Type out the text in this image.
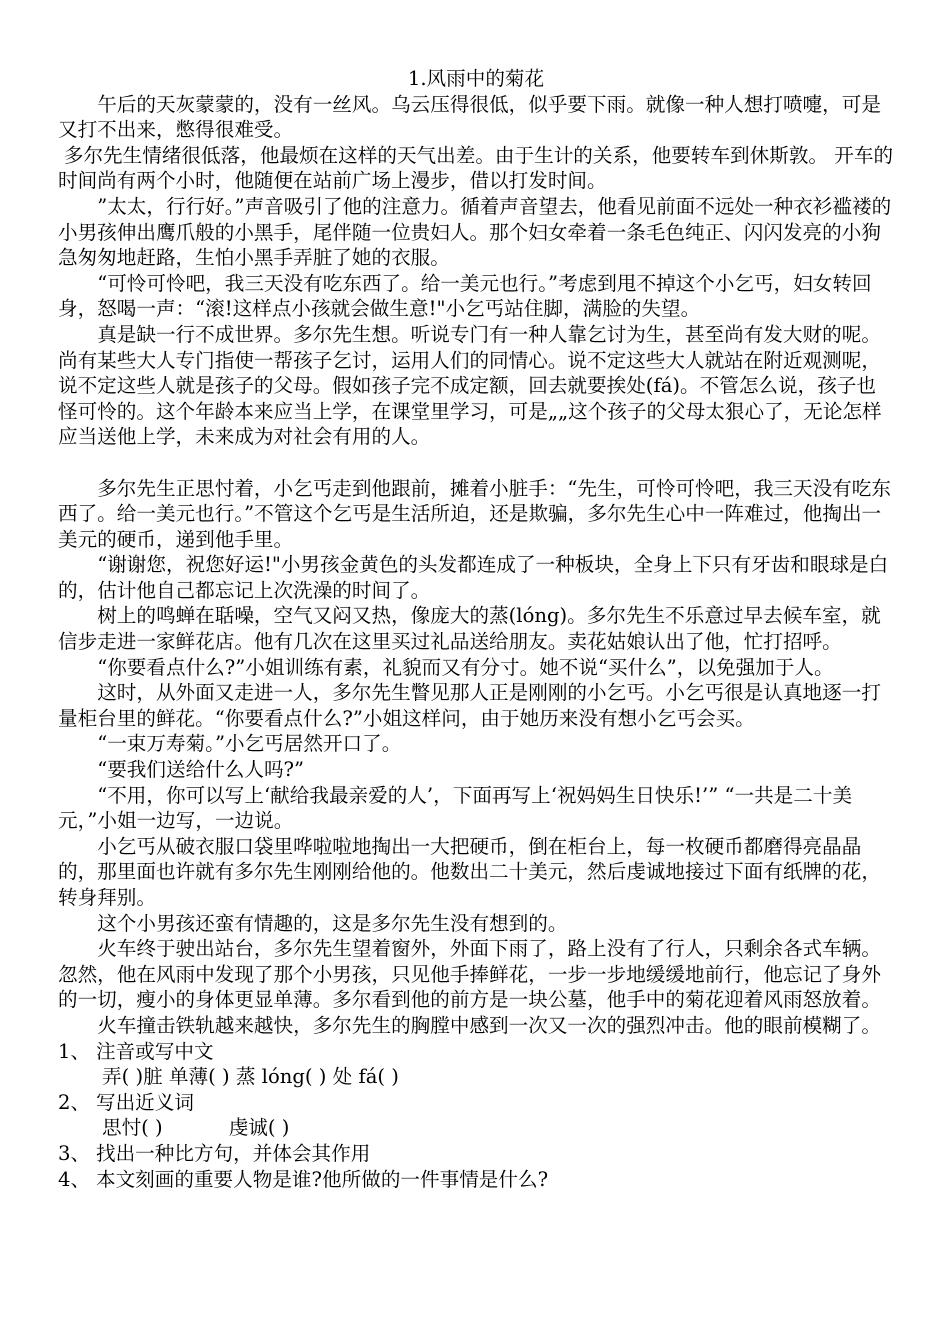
1.风雨中的菊花

午后的天灰蒙蒙的，没有一丝风。乌云压得很低，似乎要下雨。就像一种人想打喷嚏，可是又打不出来，憋得很难受。

多尔先生情绪很低落，他最烦在这样的天气出差。由于生计的关系，他要转车到休斯敦。 开车的时间尚有两个小时，他随便在站前广场上漫步，借以打发时间。

”太太，行行好。”声音吸引了他的注意力。循着声音望去，他看见前面不远处一种衣衫褴褛的小男孩伸出鹰爪般的小黑手，尾伴随一位贵妇人。那个妇女牵着一条毛色纯正、闪闪发亮的小狗急匆匆地赶路，生怕小黑手弄脏了她的衣服。

“可怜可怜吧，我三天没有吃东西了。给一美元也行。”考虑到甩不掉这个小乞丐，妇女转回身，怒喝一声：“滚!这样点小孩就会做生意!"小乞丐站住脚，满脸的失望。

真是缺一行不成世界。多尔先生想。听说专门有一种人靠乞讨为生，甚至尚有发大财的呢。尚有某些大人专门指使一帮孩子乞讨，运用人们的同情心。说不定这些大人就站在附近观测呢，说不定这些人就是孩子的父母。假如孩子完不成定额，回去就要挨处(fá)。不管怎么说，孩子也怪可怜的。这个年龄本来应当上学，在课堂里学习，可是„„这个孩子的父母太狠心了，无论怎样应当送他上学，未来成为对社会有用的人。

多尔先生正思忖着，小乞丐走到他跟前，摊着小脏手：“先生，可怜可怜吧，我三天没有吃东西了。给一美元也行。”不管这个乞丐是生活所迫，还是欺骗，多尔先生心中一阵难过，他掏出一美元的硬币，递到他手里。

“谢谢您，祝您好运!"小男孩金黄色的头发都连成了一种板块，全身上下只有牙齿和眼球是白的，估计他自己都忘记上次洗澡的时间了。

树上的鸣蝉在聒噪，空气又闷又热，像庞大的蒸(lóng)。多尔先生不乐意过早去候车室，就信步走进一家鲜花店。他有几次在这里买过礼品送给朋友。卖花姑娘认出了他，忙打招呼。

“你要看点什么?”小姐训练有素，礼貌而又有分寸。她不说“买什么”，以免强加于人。

这时，从外面又走进一人，多尔先生瞥见那人正是刚刚的小乞丐。小乞丐很是认真地逐一打量柜台里的鲜花。“你要看点什么?”小姐这样问，由于她历来没有想小乞丐会买。

“一束万寿菊。”小乞丐居然开口了。

“要我们送给什么人吗?”

“不用，你可以写上‘献给我最亲爱的人’，下面再写上‘祝妈妈生日快乐!’” “一共是二十美元，”小姐一边写，一边说。

小乞丐从破衣服口袋里哗啦啦地掏出一大把硬币，倒在柜台上，每一枚硬币都磨得亮晶晶的，那里面也许就有多尔先生刚刚给他的。他数出二十美元，然后虔诚地接过下面有纸牌的花，转身拜别。

这个小男孩还蛮有情趣的，这是多尔先生没有想到的。

火车终于驶出站台，多尔先生望着窗外，外面下雨了，路上没有了行人，只剩余各式车辆。忽然，他在风雨中发现了那个小男孩，只见他手捧鲜花，一步一步地缓缓地前行，他忘记了身外的一切，瘦小的身体更显单薄。多尔看到他的前方是一块公墓，他手中的菊花迎着风雨怒放着。

火车撞击铁轨越来越快，多尔先生的胸膛中感到一次又一次的强烈冲击。他的眼前模糊了。

1、 注音或写中文

弄( )脏 单薄( ) 蒸 lóng( ) 处 fá( )

2、 写出近义词

思忖( )	虔诚( )

3、 找出一种比方句，并体会其作用

4、 本文刻画的重要人物是谁?他所做的一件事情是什么?
